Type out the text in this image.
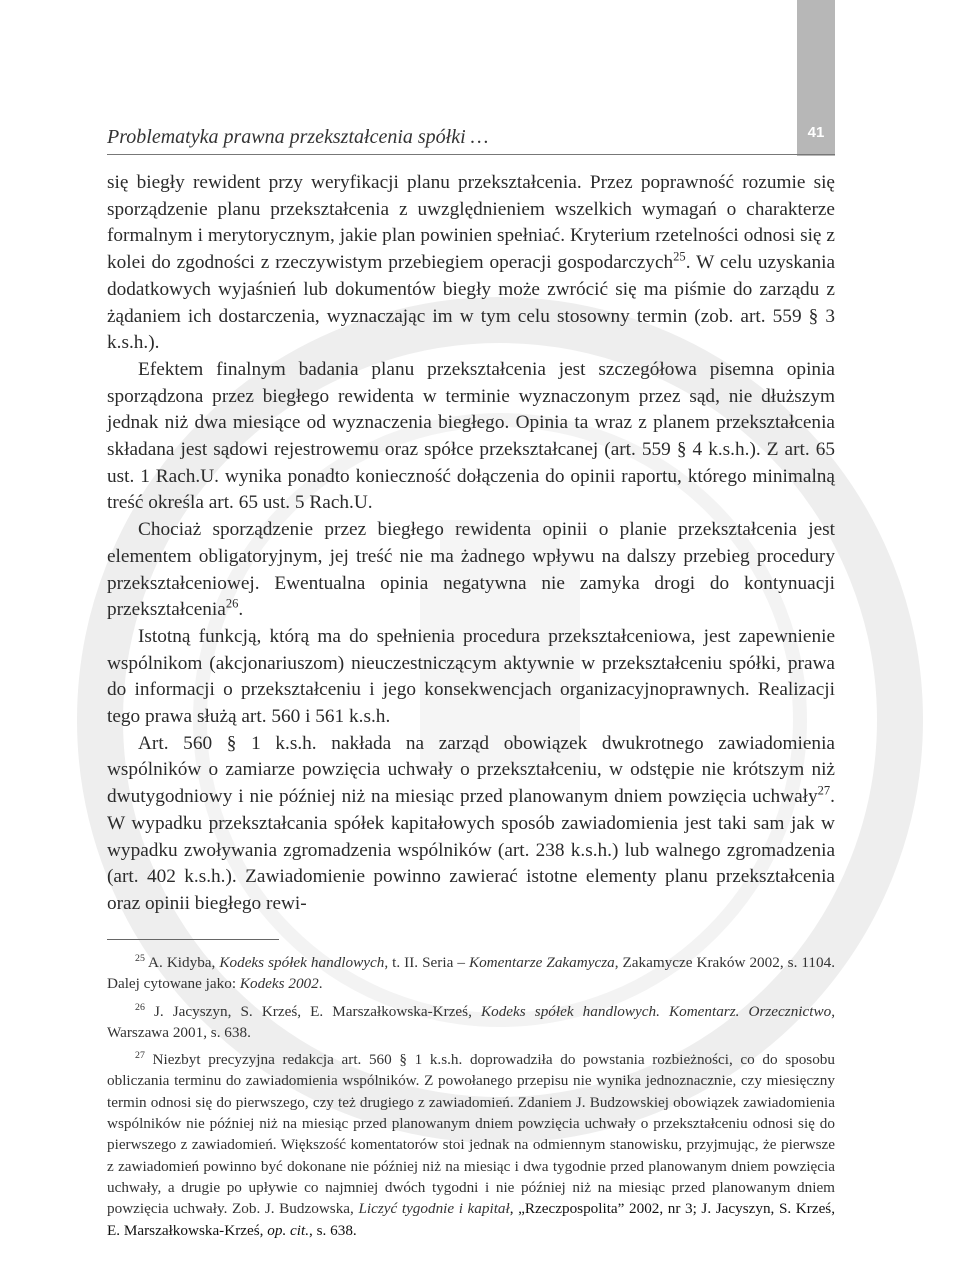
41
Problematyka prawna przekształcenia spółki …

się biegły rewident przy weryfikacji planu przekształcenia. Przez poprawność rozumie się sporządzenie planu przekształcenia z uwzględnieniem wszelkich wymagań o charakterze formalnym i merytorycznym, jakie plan powinien spełniać. Kryterium rzetelności odnosi się z kolei do zgodności z rzeczywistym przebiegiem operacji gospodarczych$^{25}$. W celu uzyskania dodatkowych wyjaśnień lub dokumentów biegły może zwrócić się ma piśmie do zarządu z żądaniem ich dostarczenia, wyznaczając im w tym celu stosowny termin (zob. art. 559 § 3 k.s.h.).

Efektem finalnym badania planu przekształcenia jest szczegółowa pisemna opinia sporządzona przez biegłego rewidenta w terminie wyznaczonym przez sąd, nie dłuższym jednak niż dwa miesiące od wyznaczenia biegłego. Opinia ta wraz z planem przekształcenia składana jest sądowi rejestrowemu oraz spółce przekształcanej (art. 559 § 4 k.s.h.). Z art. 65 ust. 1 Rach.U. wynika ponadto konieczność dołączenia do opinii raportu, którego minimalną treść określa art. 65 ust. 5 Rach.U.

Chociaż sporządzenie przez biegłego rewidenta opinii o planie przekształcenia jest elementem obligatoryjnym, jej treść nie ma żadnego wpływu na dalszy przebieg procedury przekształceniowej. Ewentualna opinia negatywna nie zamyka drogi do kontynuacji przekształcenia$^{26}$.

Istotną funkcją, którą ma do spełnienia procedura przekształceniowa, jest zapewnienie wspólnikom (akcjonariuszom) nieuczestniczącym aktywnie w przekształceniu spółki, prawa do informacji o przekształceniu i jego konsekwencjach organizacyjnoprawnych. Realizacji tego prawa służą art. 560 i 561 k.s.h.

Art. 560 § 1 k.s.h. nakłada na zarząd obowiązek dwukrotnego zawiadomienia wspólników o zamiarze powzięcia uchwały o przekształceniu, w odstępie nie krótszym niż dwutygodniowy i nie później niż na miesiąc przed planowanym dniem powzięcia uchwały$^{27}$. W wypadku przekształcania spółek kapitałowych sposób zawiadomienia jest taki sam jak w wypadku zwoływania zgromadzenia wspólników (art. 238 k.s.h.) lub walnego zgromadzenia (art. 402 k.s.h.). Zawiadomienie powinno zawierać istotne elementy planu przekształcenia oraz opinii biegłego rewi-

$^{25}$ A. Kidyba, Kodeks spółek handlowych, t. II. Seria – Komentarze Zakamycza, Zakamycze Kraków 2002, s. 1104. Dalej cytowane jako: Kodeks 2002.

$^{26}$ J. Jacyszyn, S. Krześ, E. Marszałkowska-Krześ, Kodeks spółek handlowych. Komentarz. Orzecznictwo, Warszawa 2001, s. 638.

$^{27}$ Niezbyt precyzyjna redakcja art. 560 § 1 k.s.h. doprowadziła do powstania rozbieżności, co do sposobu obliczania terminu do zawiadomienia wspólników. Z powołanego przepisu nie wynika jednoznacznie, czy miesięczny termin odnosi się do pierwszego, czy też drugiego z zawiadomień. Zdaniem J. Budzowskiej obowiązek zawiadomienia wspólników nie później niż na miesiąc przed planowanym dniem powzięcia uchwały o przekształceniu odnosi się do pierwszego z zawiadomień. Większość komentatorów stoi jednak na odmiennym stanowisku, przyjmując, że pierwsze z zawiadomień powinno być dokonane nie później niż na miesiąc i dwa tygodnie przed planowanym dniem powzięcia uchwały, a drugie po upływie co najmniej dwóch tygodni i nie później niż na miesiąc przed planowanym dniem powzięcia uchwały. Zob. J. Budzowska, Liczyć tygodnie i kapitał, „Rzeczpospolita” 2002, nr 3; J. Jacyszyn, S. Krześ, E. Marszałkowska-Krześ, op. cit., s. 638.
